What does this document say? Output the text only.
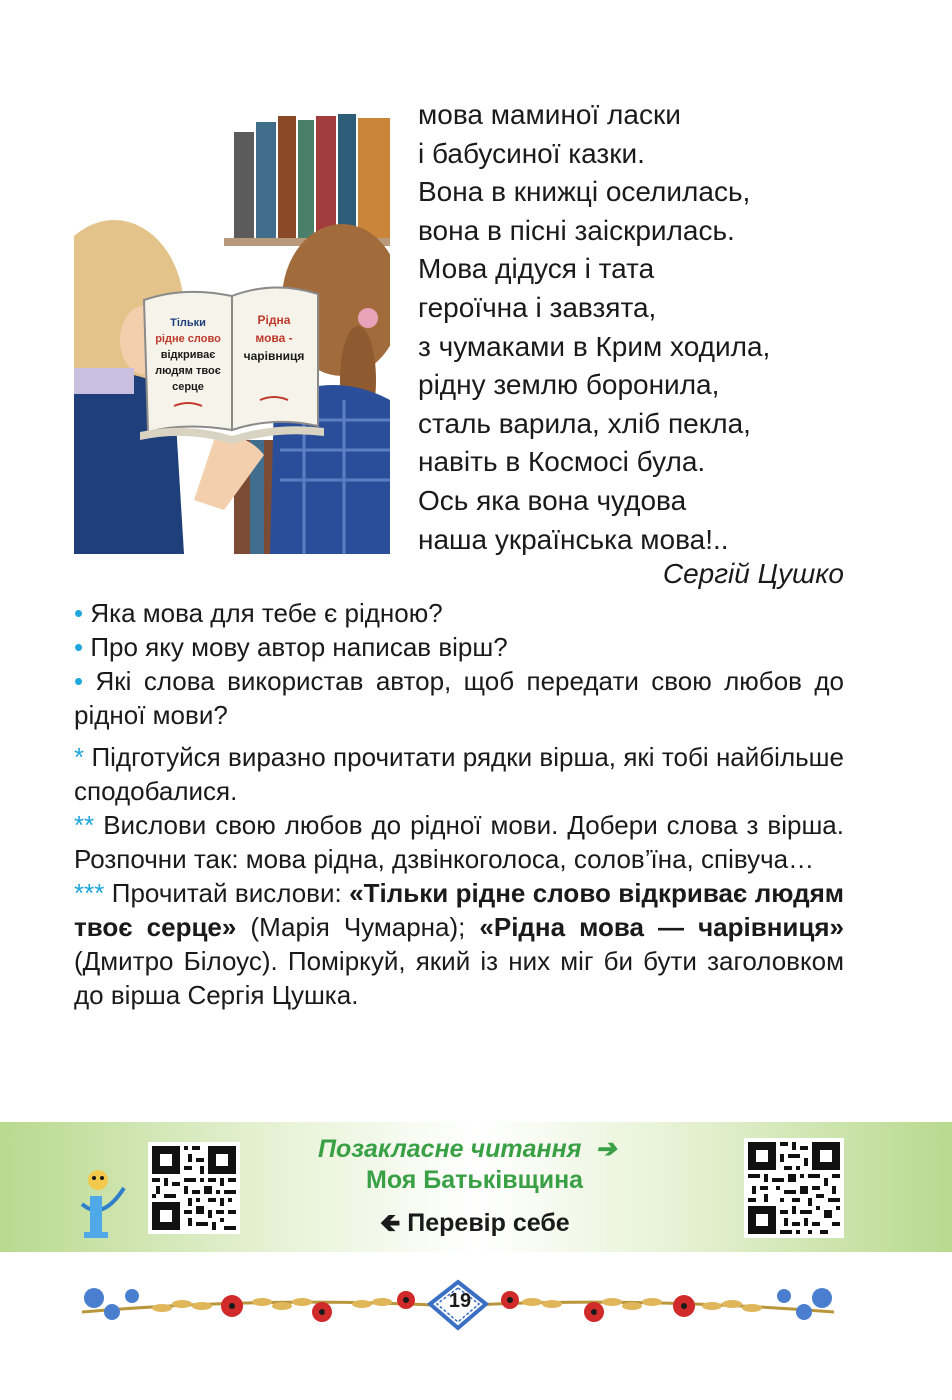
Тільки
рідне слово
відкриває
людям твоє
серце
Рідна
мова -
чарівниця
мова маминої ласки
і бабусиної казки.
Вона в книжці оселилась,
вона в пісні заіскрилась.
Мова дідуся і тата
героїчна і завзята,
з чумаками в Крим ходила,
рідну землю боронила,
сталь варила, хліб пекла,
навіть в Космосі була.
Ось яка вона чудова
наша українська мова!..
Сергій Цушко

• Яка мова для тебе є рідною?

• Про яку мову автор написав вірш?

• Які слова використав автор, щоб передати свою любов до рідної мови?

* Підготуйся виразно прочитати рядки вірша, які тобі найбільше сподобалися.

** Вислови свою любов до рідної мови. Добери слова з вірша. Розпочни так: мова рідна, дзвінкоголоса, солов’їна, співуча…

*** Прочитай вислови: «Тільки рідне слово відкриває людям твоє серце» (Марія Чумарна); «Рідна мова — чарівниця» (Дмитро Білоус). Поміркуй, який із них міг би бути заголовком до вірша Сергія Цушка.

Позакласне читання ➔
Моя Батьківщина
🡸 Перевір себе
19
